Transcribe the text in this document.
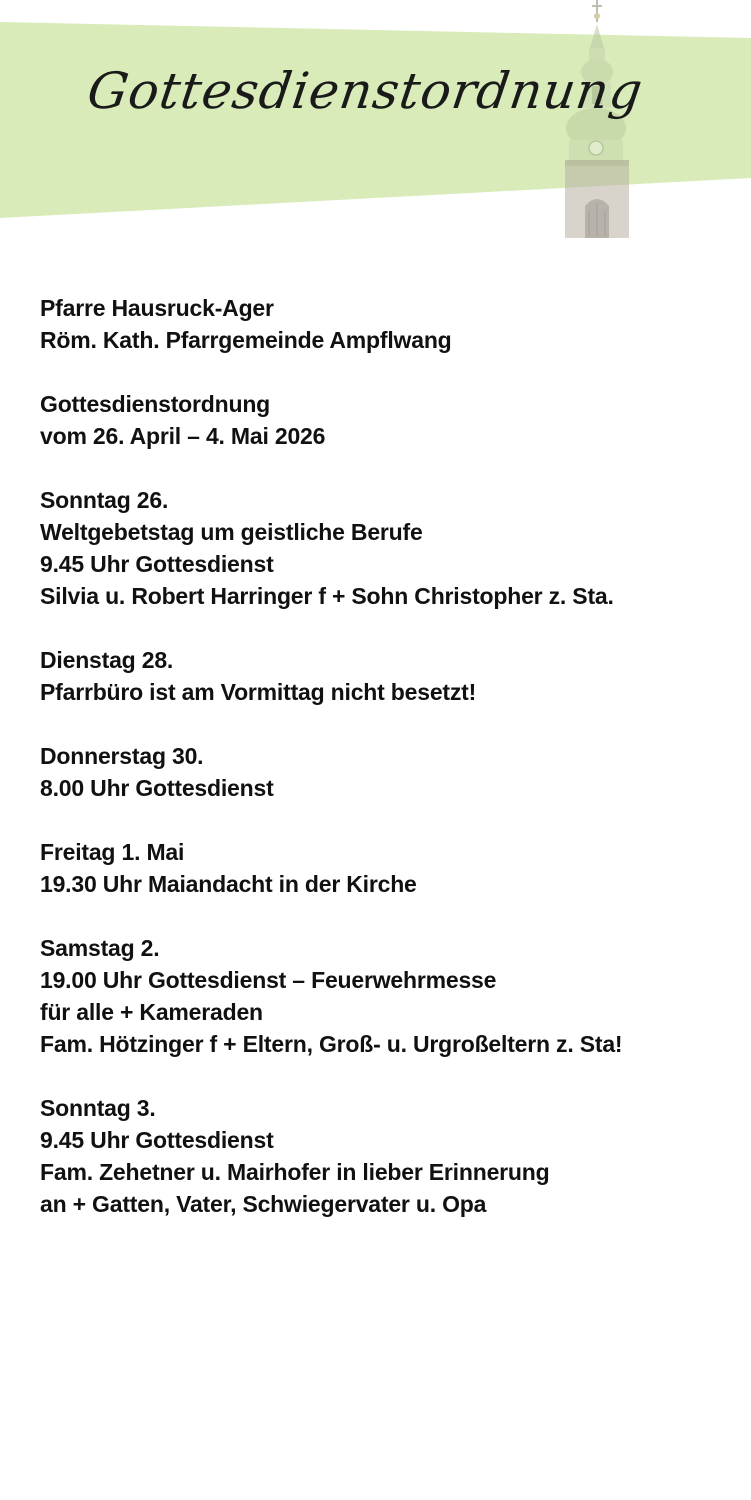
Gottesdienstordnung
Pfarre Hausruck-Ager
Röm. Kath. Pfarrgemeinde Ampflwang
Gottesdienstordnung
vom 26. April – 4. Mai 2026
Sonntag 26.
Weltgebetstag um geistliche Berufe
9.45 Uhr Gottesdienst
Silvia u. Robert Harringer f + Sohn Christopher z. Sta.
Dienstag 28.
Pfarrbüro ist am Vormittag nicht besetzt!
Donnerstag 30.
8.00 Uhr Gottesdienst
Freitag 1. Mai
19.30 Uhr Maiandacht in der Kirche
Samstag 2.
19.00 Uhr Gottesdienst – Feuerwehrmesse
für alle + Kameraden
Fam. Hötzinger f + Eltern, Groß- u. Urgroßeltern z. Sta!
Sonntag 3.
9.45 Uhr Gottesdienst
Fam. Zehetner u. Mairhofer in lieber Erinnerung
an + Gatten, Vater, Schwiegervater u. Opa
